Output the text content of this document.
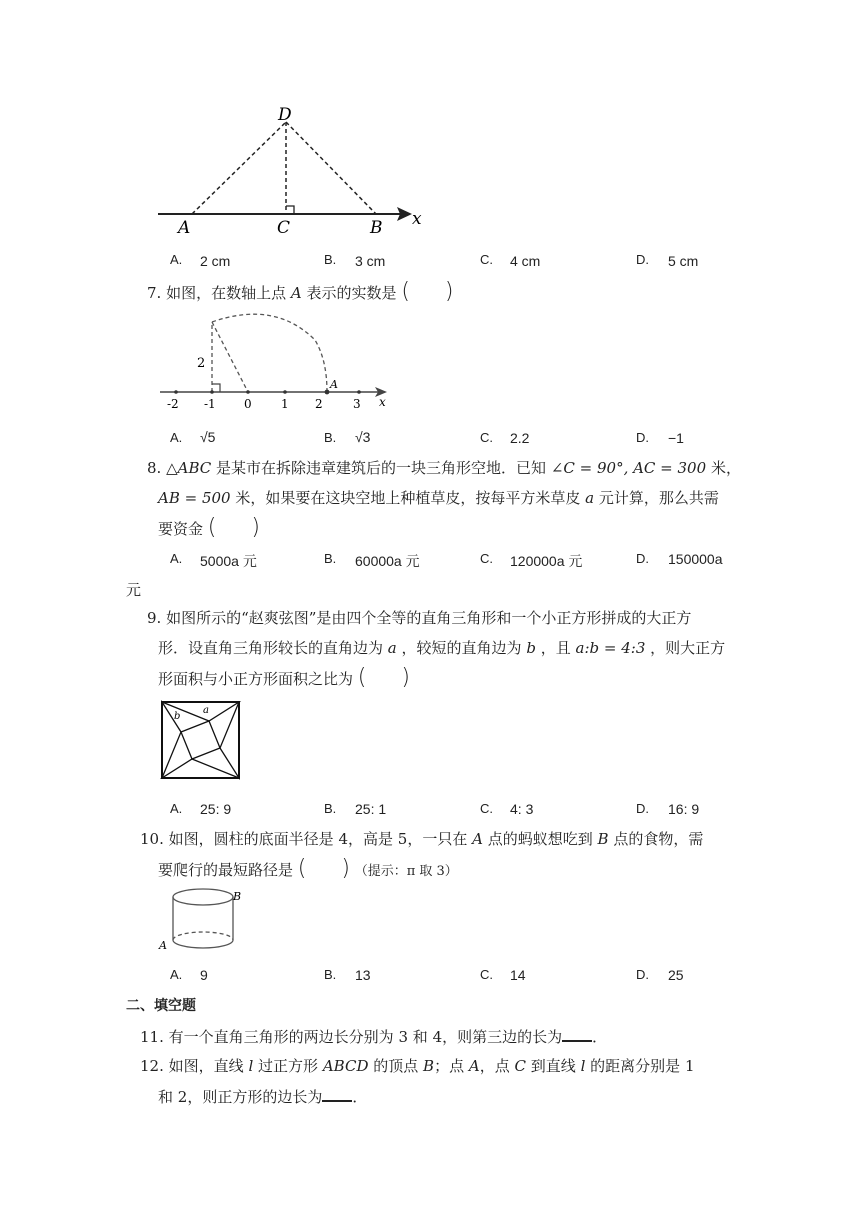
D
A	C	B x
A. 2 cm	B. 3 cm	C. 4 cm	D. 5 cm
7. 如图，在数轴上点 A 表示的实数是 (     )
2
-2 -1 0 1 2	3
A
x
A. √5	B. √3	C. 2.2	D. −1
8. △ABC 是某市在拆除违章建筑后的一块三角形空地．已知 ∠C = 90°, AC = 300 米，
AB = 500 米，如果要在这块空地上种植草皮，按每平方米草皮 a 元计算，那么共需
要资金 (     )
A. 5000a 元	B. 60000a 元	C. 120000a 元	D. 150000a
元
9. 如图所示的“赵爽弦图”是由四个全等的直角三角形和一个小正方形拼成的大正方
形．设直角三角形较长的直角边为 a ，较短的直角边为 b ，且 a:b = 4:3 ，则大正方
形面积与小正方形面积之比为 (     )
b
a
A. 25: 9	B. 25: 1	C. 4: 3	D. 16: 9
10. 如图，圆柱的底面半径是 4，高是 5，一只在 A 点的蚂蚁想吃到 B 点的食物，需
要爬行的最短路径是 (     ) （提示：π 取 3）
B
A
A. 9	B. 13	C. 14	D. 25
二、填空题
11. 有一个直角三角形的两边长分别为 3 和 4，则第三边的长为 ．
12. 如图，直线 l 过正方形 ABCD 的顶点 B；点 A，点 C 到直线 l 的距离分别是 1
和 2，则正方形的边长为 ．
